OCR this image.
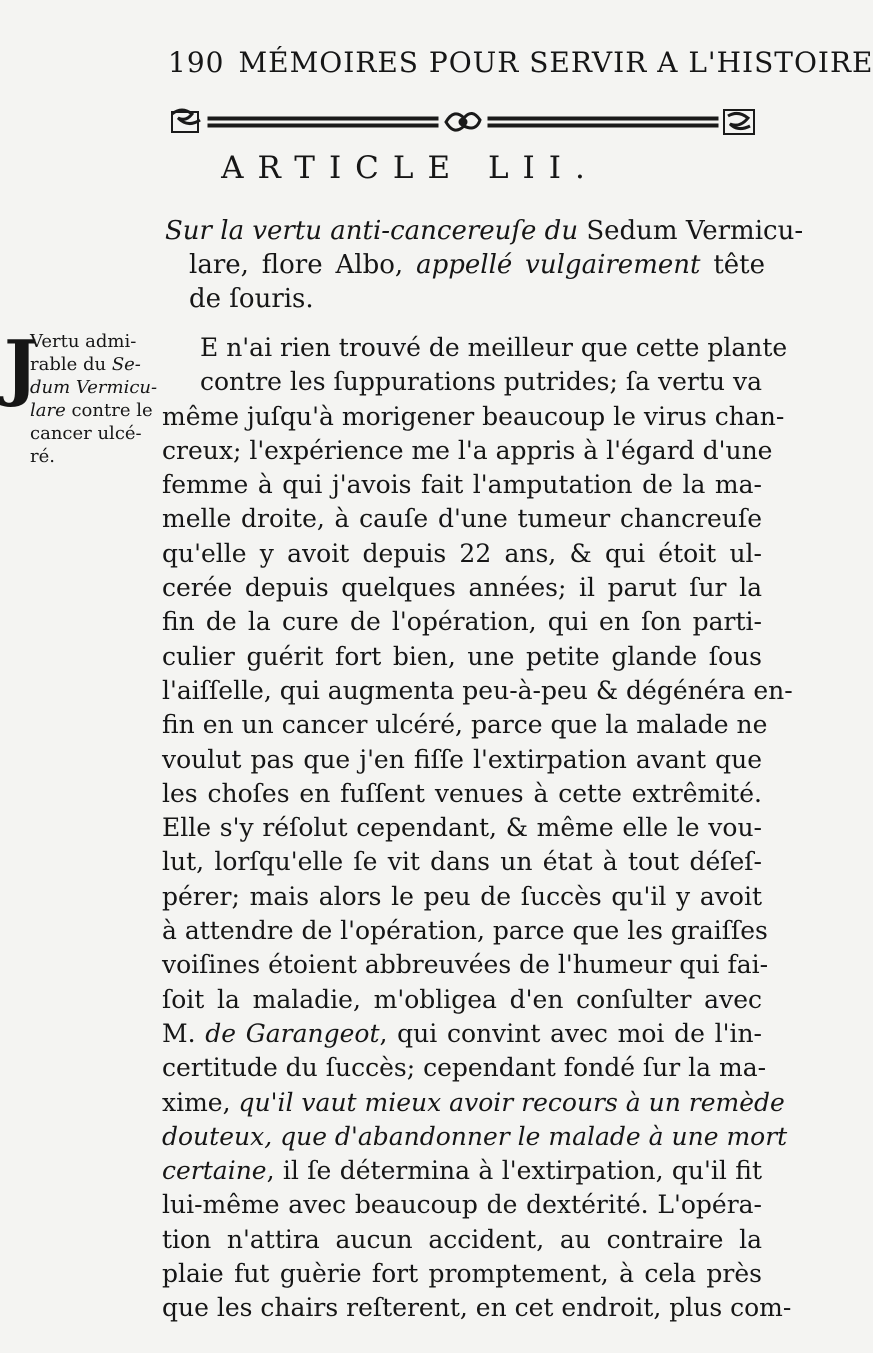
190 MÉMOIRES POUR SERVIR A L'HISTOIRE
ARTICLE LII.
Sur la vertu anti-cancereuſe du Sedum Vermicu-
lare, flore Albo, appellé vulgairement tête
de ſouris.
Vertu admi-
rable du Se-
dum Vermicu-
lare contre le
cancer ulcé-
ré.
J	E n'ai rien trouvé de meilleur que cette plante
contre les ſuppurations putrides; ſa vertu va
même juſqu'à morigener beaucoup le virus chan-
creux; l'expérience me l'a appris à l'égard d'une
femme à qui j'avois fait l'amputation de la ma-
melle droite, à cauſe d'une tumeur chancreuſe
qu'elle y avoit depuis 22 ans, & qui étoit ul-
cerée depuis quelques années; il parut ſur la
fin de la cure de l'opération, qui en ſon parti-
culier guérit fort bien, une petite glande ſous
l'aiſſelle, qui augmenta peu-à-peu & dégénéra en-
fin en un cancer ulcéré, parce que la malade ne
voulut pas que j'en fiſſe l'extirpation avant que
les choſes en fuſſent venues à cette extrêmité.
Elle s'y réſolut cependant, & même elle le vou-
lut, lorſqu'elle ſe vit dans un état à tout déſeſ-
pérer; mais alors le peu de ſuccès qu'il y avoit
à attendre de l'opération, parce que les graiſſes
voiſines étoient abbreuvées de l'humeur qui fai-
ſoit la maladie, m'obligea d'en conſulter avec
M. de Garangeot, qui convint avec moi de l'in-
certitude du ſuccès; cependant fondé ſur la ma-
xime, qu'il vaut mieux avoir recours à un remède
douteux, que d'abandonner le malade à une mort
certaine, il ſe détermina à l'extirpation, qu'il fit
lui-même avec beaucoup de dextérité. L'opéra-
tion n'attira aucun accident, au contraire la
plaie fut guèrie fort promptement, à cela près
que les chairs reſterent, en cet endroit, plus com-
